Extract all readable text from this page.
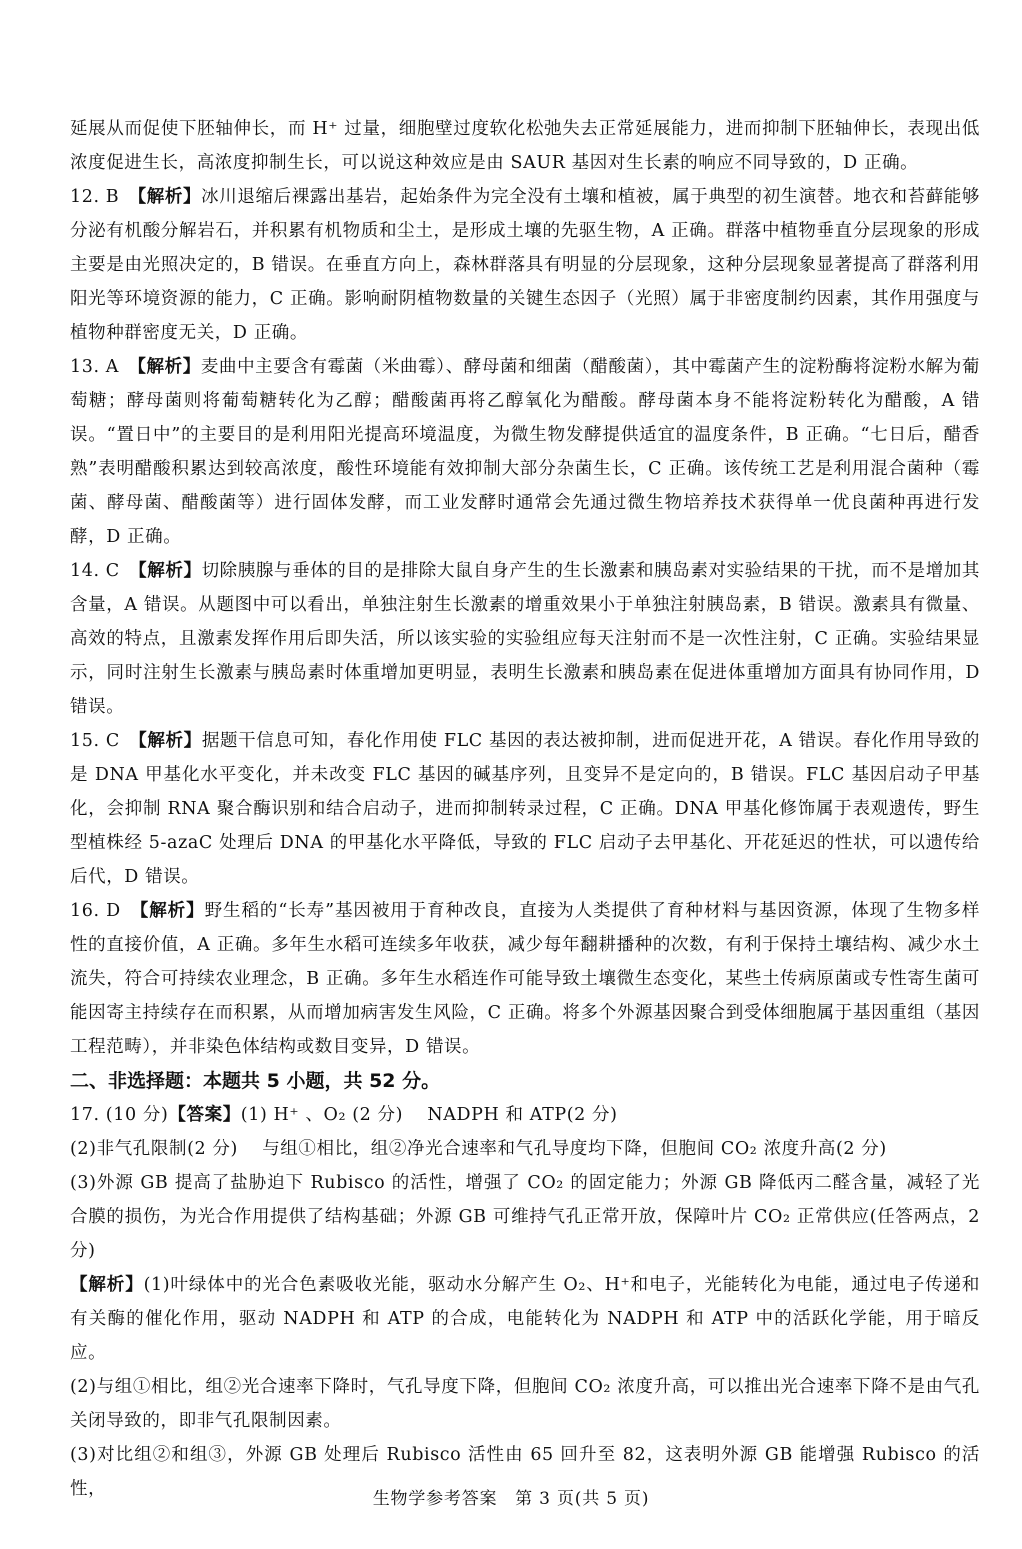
延展从而促使下胚轴伸长，而 H⁺ 过量，细胞壁过度软化松弛失去正常延展能力，进而抑制下胚轴伸长，表现出低浓度促进生长，高浓度抑制生长，可以说这种效应是由 SAUR 基因对生长素的响应不同导致的，D 正确。

12. B　 【解析】冰川退缩后裸露出基岩，起始条件为完全没有土壤和植被，属于典型的初生演替。地衣和苔藓能够分泌有机酸分解岩石，并积累有机物质和尘土，是形成土壤的先驱生物，A 正确。群落中植物垂直分层现象的形成主要是由光照决定的，B 错误。在垂直方向上，森林群落具有明显的分层现象，这种分层现象显著提高了群落利用阳光等环境资源的能力，C 正确。影响耐阴植物数量的关键生态因子（光照）属于非密度制约因素，其作用强度与植物种群密度无关，D 正确。

13. A　 【解析】麦曲中主要含有霉菌（米曲霉）、酵母菌和细菌（醋酸菌），其中霉菌产生的淀粉酶将淀粉水解为葡萄糖；酵母菌则将葡萄糖转化为乙醇；醋酸菌再将乙醇氧化为醋酸。酵母菌本身不能将淀粉转化为醋酸，A 错误。“置日中”的主要目的是利用阳光提高环境温度，为微生物发酵提供适宜的温度条件，B 正确。“七日后，醋香熟”表明醋酸积累达到较高浓度，酸性环境能有效抑制大部分杂菌生长，C 正确。该传统工艺是利用混合菌种（霉菌、酵母菌、醋酸菌等）进行固体发酵，而工业发酵时通常会先通过微生物培养技术获得单一优良菌种再进行发酵，D 正确。

14. C　 【解析】切除胰腺与垂体的目的是排除大鼠自身产生的生长激素和胰岛素对实验结果的干扰，而不是增加其含量，A 错误。从题图中可以看出，单独注射生长激素的增重效果小于单独注射胰岛素，B 错误。激素具有微量、高效的特点，且激素发挥作用后即失活，所以该实验的实验组应每天注射而不是一次性注射，C 正确。实验结果显示，同时注射生长激素与胰岛素时体重增加更明显，表明生长激素和胰岛素在促进体重增加方面具有协同作用，D 错误。

15. C　 【解析】据题干信息可知，春化作用使 FLC 基因的表达被抑制，进而促进开花，A 错误。春化作用导致的是 DNA 甲基化水平变化，并未改变 FLC 基因的碱基序列，且变异不是定向的，B 错误。FLC 基因启动子甲基化，会抑制 RNA 聚合酶识别和结合启动子，进而抑制转录过程，C 正确。DNA 甲基化修饰属于表观遗传，野生型植株经 5-azaC 处理后 DNA 的甲基化水平降低，导致的 FLC 启动子去甲基化、开花延迟的性状，可以遗传给后代，D 错误。

16. D　 【解析】野生稻的“长寿”基因被用于育种改良，直接为人类提供了育种材料与基因资源，体现了生物多样性的直接价值，A 正确。多年生水稻可连续多年收获，减少每年翻耕播种的次数，有利于保持土壤结构、减少水土流失，符合可持续农业理念，B 正确。多年生水稻连作可能导致土壤微生态变化，某些土传病原菌或专性寄生菌可能因寄主持续存在而积累，从而增加病害发生风险，C 正确。将多个外源基因聚合到受体细胞属于基因重组（基因工程范畴），并非染色体结构或数目变异，D 错误。

二、非选择题：本题共 5 小题，共 52 分。

17. (10 分)【答案】(1) H⁺ 、O₂ (2 分)　 NADPH 和 ATP(2 分)

(2)非气孔限制(2 分)　 与组①相比，组②净光合速率和气孔导度均下降，但胞间 CO₂ 浓度升高(2 分)

(3)外源 GB 提高了盐胁迫下 Rubisco 的活性，增强了 CO₂ 的固定能力；外源 GB 降低丙二醛含量，减轻了光合膜的损伤，为光合作用提供了结构基础；外源 GB 可维持气孔正常开放，保障叶片 CO₂ 正常供应(任答两点，2 分)

【解析】(1)叶绿体中的光合色素吸收光能，驱动水分解产生 O₂、H⁺和电子，光能转化为电能，通过电子传递和有关酶的催化作用，驱动 NADPH 和 ATP 的合成，电能转化为 NADPH 和 ATP 中的活跃化学能，用于暗反应。

(2)与组①相比，组②光合速率下降时，气孔导度下降，但胞间 CO₂ 浓度升高，可以推出光合速率下降不是由气孔关闭导致的，即非气孔限制因素。

(3)对比组②和组③，外源 GB 处理后 Rubisco 活性由 65 回升至 82，这表明外源 GB 能增强 Rubisco 的活性，	生物学参考答案　第 3 页(共 5 页)
